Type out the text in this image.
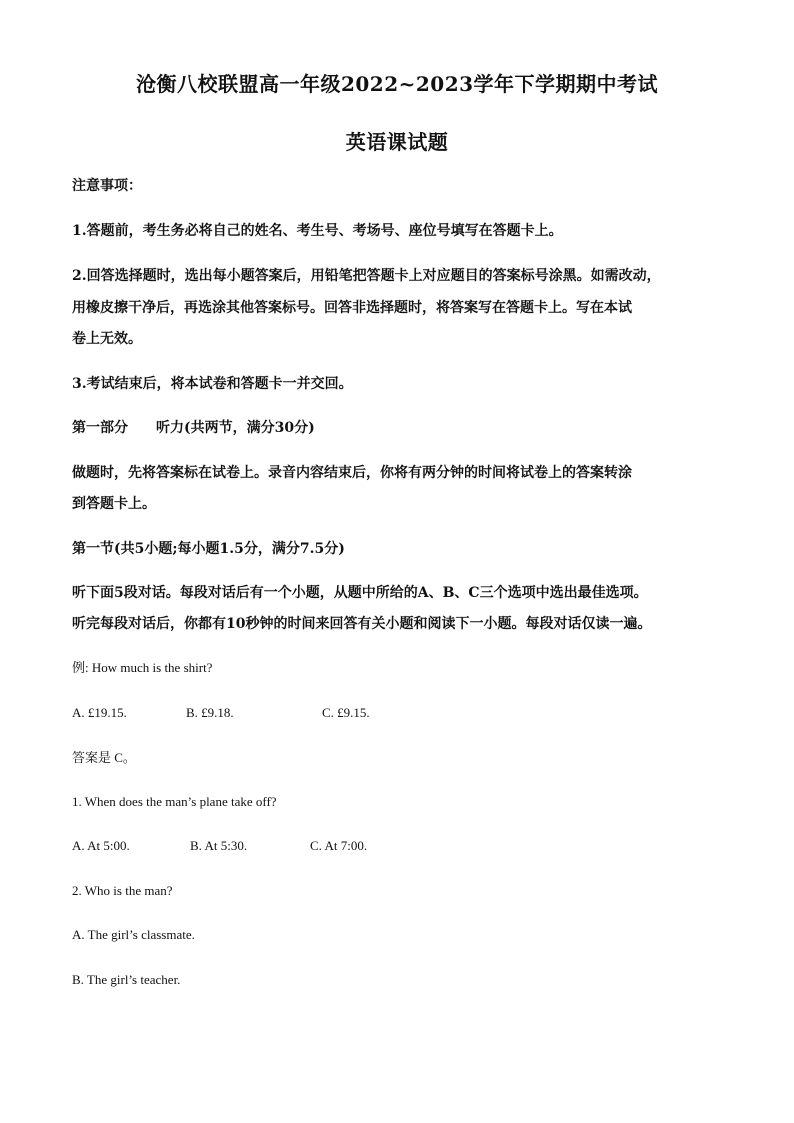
沧衡八校联盟高一年级2022~2023学年下学期期中考试
英语课试题
注意事项：
1.答题前，考生务必将自己的姓名、考生号、考场号、座位号填写在答题卡上。
2.回答选择题时，选出每小题答案后，用铅笔把答题卡上对应题目的答案标号涂黑。如需改动，
用橡皮擦干净后，再选涂其他答案标号。回答非选择题时，将答案写在答题卡上。写在本试
卷上无效。
3.考试结束后，将本试卷和答题卡一并交回。
第一部分　　听力(共两节，满分30分)
做题时，先将答案标在试卷上。录音内容结束后，你将有两分钟的时间将试卷上的答案转涂
到答题卡上。
第一节(共5小题;每小题1.5分，满分7.5分)
听下面5段对话。每段对话后有一个小题，从题中所给的A、B、C三个选项中选出最佳选项。
听完每段对话后，你都有10秒钟的时间来回答有关小题和阅读下一小题。每段对话仅读一遍。
例: How much is the shirt?
A. £19.15.	B. £9.18.	C. £9.15.
答案是 C。
1. When does the man’s plane take off?
A. At 5:00.	B. At 5:30.	C. At 7:00.
2. Who is the man?
A. The girl’s classmate.
B. The girl’s teacher.
